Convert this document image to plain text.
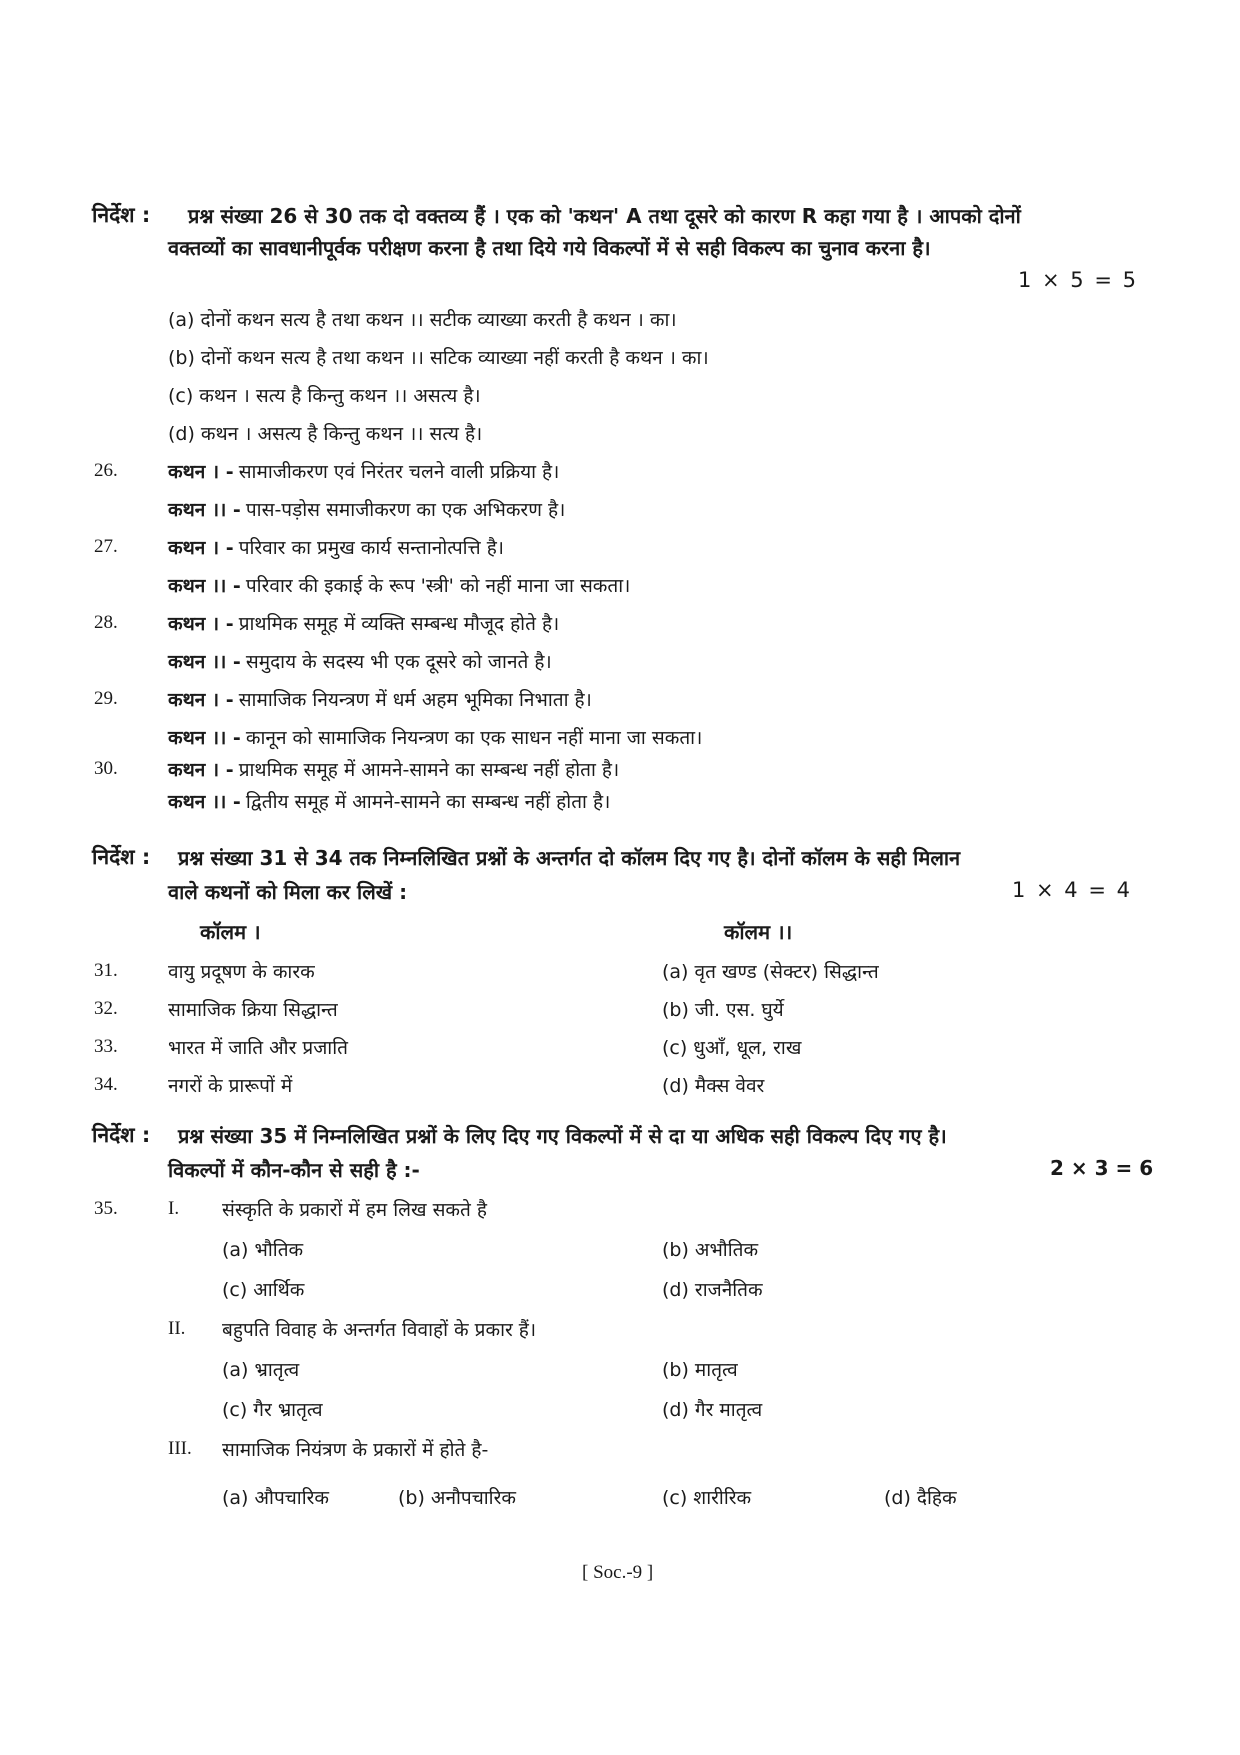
निर्देश : प्रश्न संख्या 26 से 30 तक दो वक्तव्य हैं । एक को 'कथन' A तथा दूसरे को कारण R कहा गया है । आपको दोनों
वक्तव्यों का सावधानीपूर्वक परीक्षण करना है तथा दिये गये विकल्पों में से सही विकल्प का चुनाव करना है।
1 × 5 = 5
(a) दोनों कथन सत्य है तथा कथन ।। सटीक व्याख्या करती है कथन । का।
(b) दोनों कथन सत्य है तथा कथन ।। सटिक व्याख्या नहीं करती है कथन । का।
(c) कथन । सत्य है किन्तु कथन ।। असत्य है।
(d) कथन । असत्य है किन्तु कथन ।। सत्य है।
26.	कथन । - सामाजीकरण एवं निरंतर चलने वाली प्रक्रिया है।
कथन ।। - पास-पड़ोस समाजीकरण का एक अभिकरण है।
27.	कथन । - परिवार का प्रमुख कार्य सन्तानोत्पत्ति है।
कथन ।। - परिवार की इकाई के रूप 'स्त्री' को नहीं माना जा सकता।
28.	कथन । - प्राथमिक समूह में व्यक्ति सम्बन्ध मौजूद होते है।
कथन ।। - समुदाय के सदस्य भी एक दूसरे को जानते है।
29.	कथन । - सामाजिक नियन्त्रण में धर्म अहम भूमिका निभाता है।
कथन ।। - कानून को सामाजिक नियन्त्रण का एक साधन नहीं माना जा सकता।
30.	कथन । - प्राथमिक समूह में आमने-सामने का सम्बन्ध नहीं होता है।
कथन ।। - द्वितीय समूह में आमने-सामने का सम्बन्ध नहीं होता है।
निर्देश : प्रश्न संख्या 31 से 34 तक निम्नलिखित प्रश्नों के अन्तर्गत दो कॉलम दिए गए है। दोनों कॉलम के सही मिलान
वाले कथनों को मिला कर लिखें :	1 × 4 = 4
कॉलम ।	कॉलम ।।
31.	वायु प्रदूषण के कारक	(a) वृत खण्ड (सेक्टर) सिद्धान्त
32.	सामाजिक क्रिया सिद्धान्त	(b) जी. एस. घुर्ये
33.	भारत में जाति और प्रजाति	(c) धुआँ, धूल, राख
34.	नगरों के प्रारूपों में	(d) मैक्स वेवर
निर्देश : प्रश्न संख्या 35 में निम्नलिखित प्रश्नों के लिए दिए गए विकल्पों में से दा या अधिक सही विकल्प दिए गए है।
विकल्पों में कौन-कौन से सही है :-	2 × 3 = 6
35.	I. संस्कृति के प्रकारों में हम लिख सकते है
(a) भौतिक	(b) अभौतिक
(c) आर्थिक	(d) राजनैतिक
II. बहुपति विवाह के अन्तर्गत विवाहों के प्रकार हैं।
(a) भ्रातृत्व	(b) मातृत्व
(c) गैर भ्रातृत्व	(d) गैर मातृत्व
III. सामाजिक नियंत्रण के प्रकारों में होते है-
(a) औपचारिक	(b) अनौपचारिक	(c) शारीरिक	(d) दैहिक
[ Soc.-9 ]
